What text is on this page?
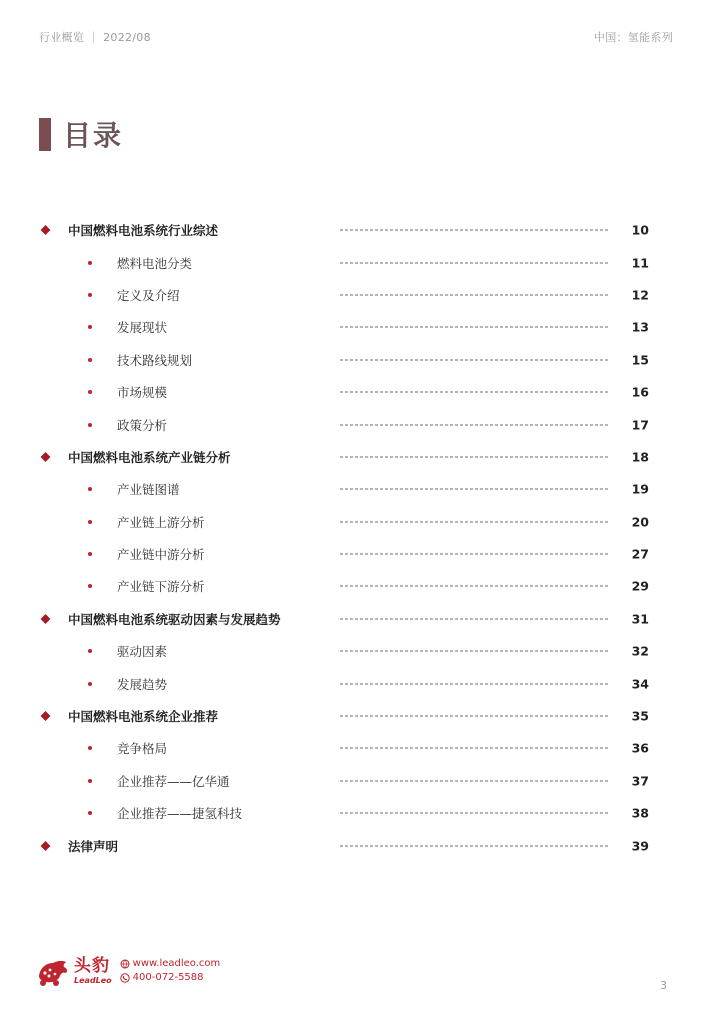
行业概览 ｜ 2022/08	中国：氢能系列
目录
中国燃料电池系统行业综述	10
燃料电池分类	11
定义及介绍	12
发展现状	13
技术路线规划	15
市场规模	16
政策分析	17
中国燃料电池系统产业链分析	18
产业链图谱	19
产业链上游分析	20
产业链中游分析	27
产业链下游分析	29
中国燃料电池系统驱动因素与发展趋势	31
驱动因素	32
发展趋势	34
中国燃料电池系统企业推荐	35
竞争格局	36
企业推荐——亿华通	37
企业推荐——捷氢科技	38
法律声明	39
头豹
LeadLeo
www.leadleo.com
400-072-5588
3
